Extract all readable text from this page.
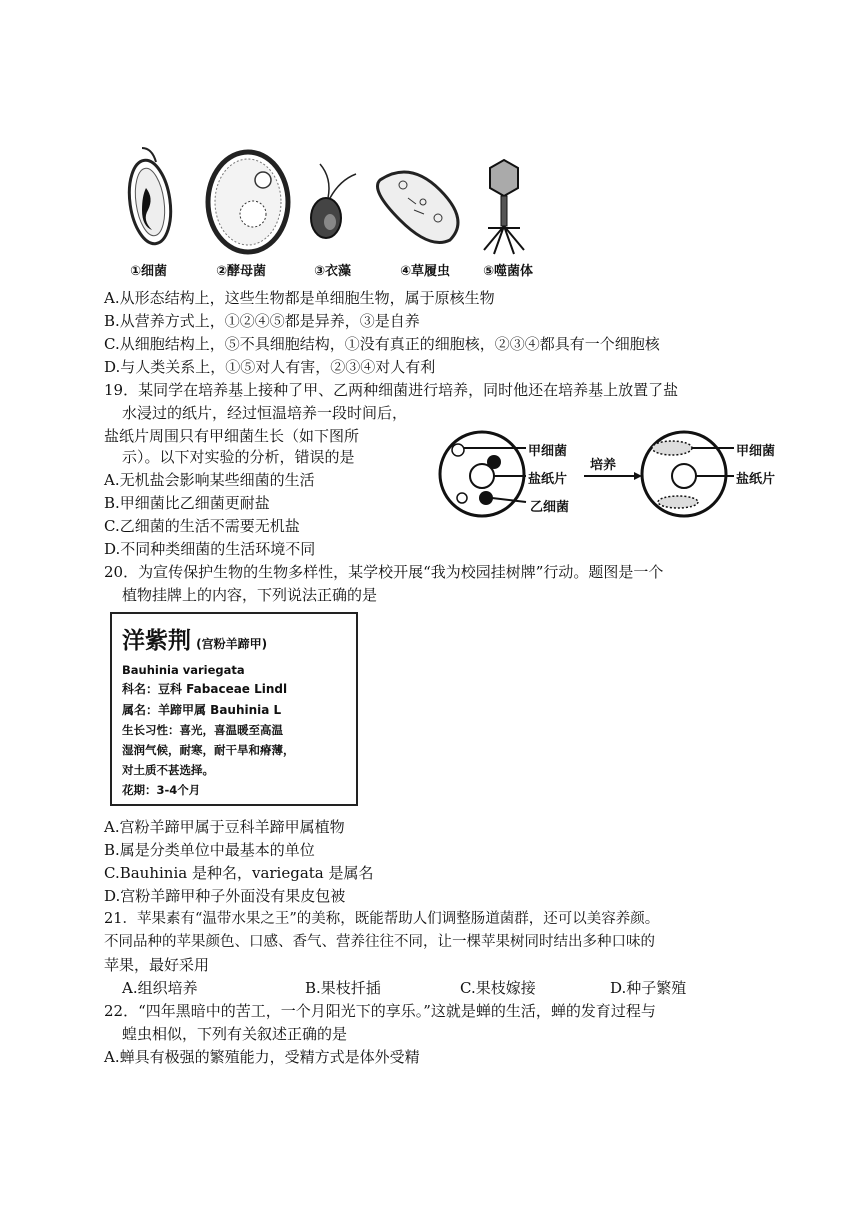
①细菌	②酵母菌	③衣藻	④草履虫	⑤噬菌体
A.从形态结构上，这些生物都是单细胞生物，属于原核生物
B.从营养方式上，①②④⑤都是异养，③是自养
C.从细胞结构上，⑤不具细胞结构，①没有真正的细胞核，②③④都具有一个细胞核
D.与人类关系上，①⑤对人有害，②③④对人有利
19．某同学在培养基上接种了甲、乙两种细菌进行培养，同时他还在培养基上放置了盐
水浸过的纸片，经过恒温培养一段时间后，
盐纸片周围只有甲细菌生长（如下图所
示）。以下对实验的分析，错误的是
A.无机盐会影响某些细菌的生活
B.甲细菌比乙细菌更耐盐
C.乙细菌的生活不需要无机盐
D.不同种类细菌的生活环境不同
甲细菌
盐纸片
乙细菌
培养
甲细菌
盐纸片
20．为宣传保护生物的生物多样性，某学校开展“我为校园挂树牌”行动。题图是一个
植物挂牌上的内容，下列说法正确的是
洋紫荆 (宫粉羊蹄甲)
Bauhinia variegata
科名：豆科 Fabaceae Lindl
属名：羊蹄甲属 Bauhinia L
生长习性：喜光，喜温暖至高温
湿润气候，耐寒，耐干旱和瘠薄，
对土质不甚选择。
花期：3-4个月
A.宫粉羊蹄甲属于豆科羊蹄甲属植物
B.属是分类单位中最基本的单位
C.Bauhinia 是种名，variegata 是属名
D.宫粉羊蹄甲种子外面没有果皮包被
21．苹果素有“温带水果之王”的美称，既能帮助人们调整肠道菌群，还可以美容养颜。
不同品种的苹果颜色、口感、香气、营养往往不同，让一棵苹果树同时结出多种口味的
苹果，最好采用
A.组织培养	B.果枝扦插	C.果枝嫁接	D.种子繁殖
22．“四年黑暗中的苦工，一个月阳光下的享乐。”这就是蝉的生活，蝉的发育过程与
蝗虫相似，下列有关叙述正确的是
A.蝉具有极强的繁殖能力，受精方式是体外受精
